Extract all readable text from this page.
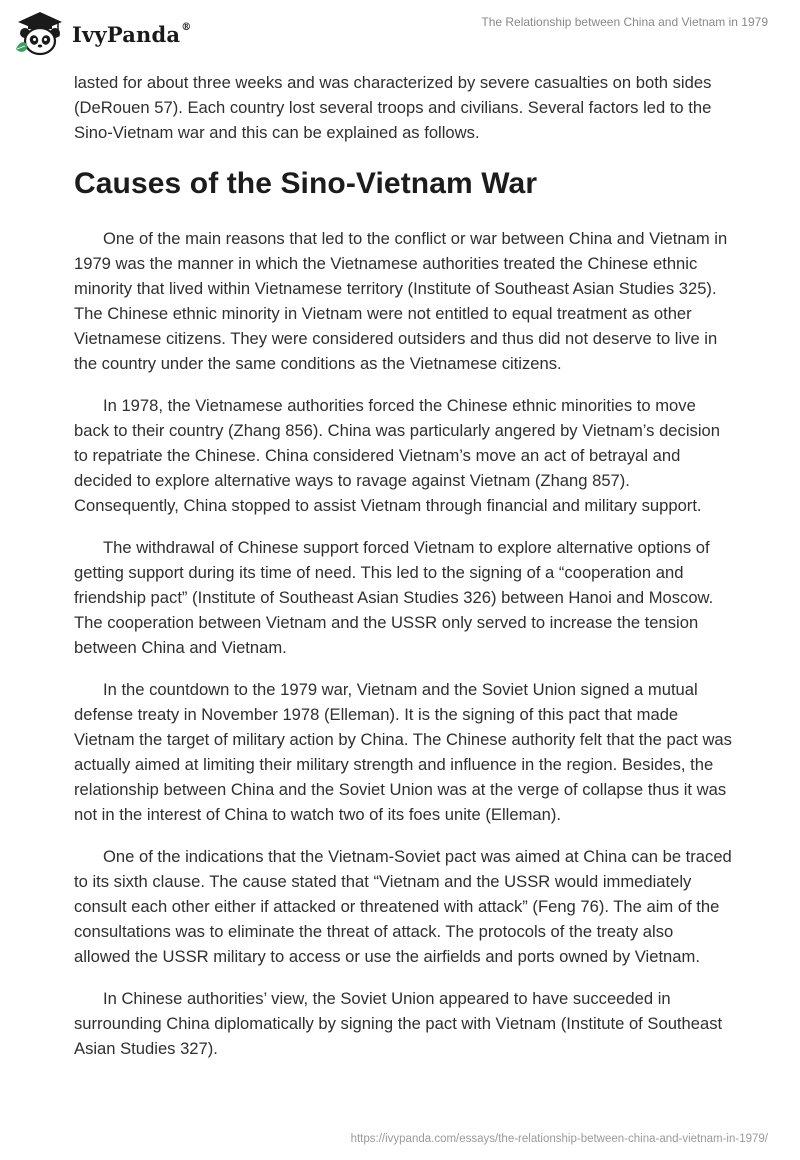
IvyPanda®	The Relationship between China and Vietnam in 1979

lasted for about three weeks and was characterized by severe casualties on both sides (DeRouen 57). Each country lost several troops and civilians. Several factors led to the Sino-Vietnam war and this can be explained as follows.

Causes of the Sino-Vietnam War

One of the main reasons that led to the conflict or war between China and Vietnam in 1979 was the manner in which the Vietnamese authorities treated the Chinese ethnic minority that lived within Vietnamese territory (Institute of Southeast Asian Studies 325). The Chinese ethnic minority in Vietnam were not entitled to equal treatment as other Vietnamese citizens. They were considered outsiders and thus did not deserve to live in the country under the same conditions as the Vietnamese citizens.

In 1978, the Vietnamese authorities forced the Chinese ethnic minorities to move back to their country (Zhang 856). China was particularly angered by Vietnam’s decision to repatriate the Chinese. China considered Vietnam’s move an act of betrayal and decided to explore alternative ways to ravage against Vietnam (Zhang 857). Consequently, China stopped to assist Vietnam through financial and military support.

The withdrawal of Chinese support forced Vietnam to explore alternative options of getting support during its time of need. This led to the signing of a “cooperation and friendship pact” (Institute of Southeast Asian Studies 326) between Hanoi and Moscow. The cooperation between Vietnam and the USSR only served to increase the tension between China and Vietnam.

In the countdown to the 1979 war, Vietnam and the Soviet Union signed a mutual defense treaty in November 1978 (Elleman). It is the signing of this pact that made Vietnam the target of military action by China. The Chinese authority felt that the pact was actually aimed at limiting their military strength and influence in the region. Besides, the relationship between China and the Soviet Union was at the verge of collapse thus it was not in the interest of China to watch two of its foes unite (Elleman).

One of the indications that the Vietnam-Soviet pact was aimed at China can be traced to its sixth clause. The cause stated that “Vietnam and the USSR would immediately consult each other either if attacked or threatened with attack” (Feng 76). The aim of the consultations was to eliminate the threat of attack. The protocols of the treaty also allowed the USSR military to access or use the airfields and ports owned by Vietnam.

In Chinese authorities’ view, the Soviet Union appeared to have succeeded in surrounding China diplomatically by signing the pact with Vietnam (Institute of Southeast Asian Studies 327).

https://ivypanda.com/essays/the-relationship-between-china-and-vietnam-in-1979/
